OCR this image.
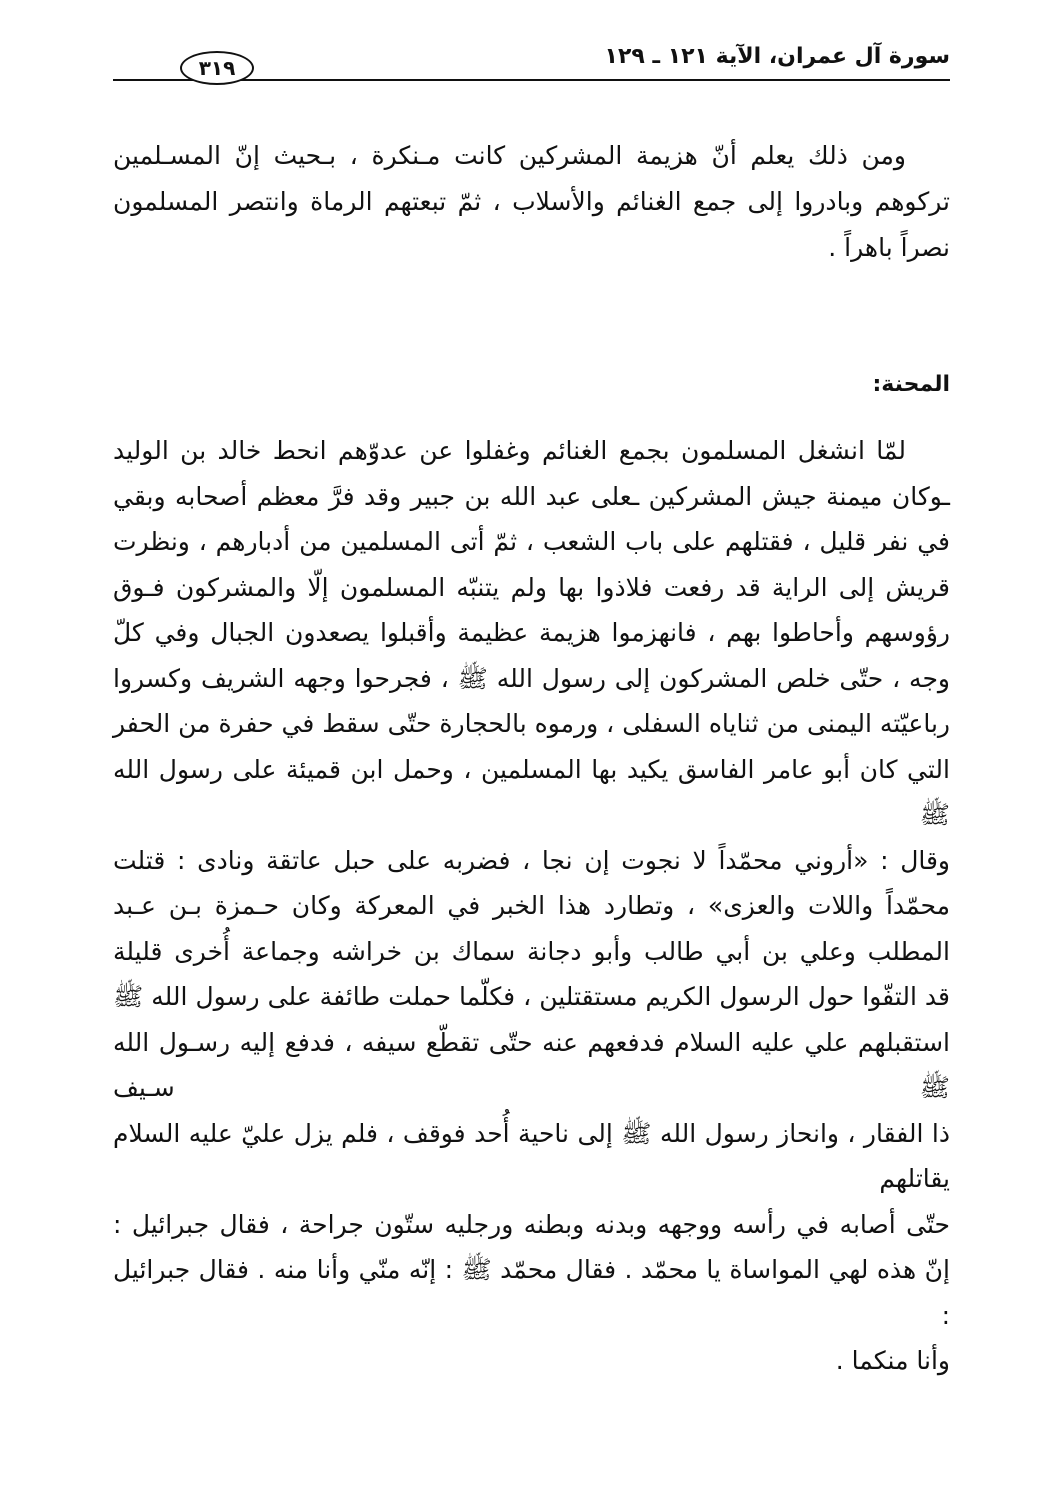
سورة آل عمران، الآية ١٢١ ـ ١٢٩
٣١٩
ومن ذلك يعلم أنّ هزيمة المشركين كانت مـنكرة ، بـحيث إنّ المسـلمين
تركوهم وبادروا إلى جمع الغنائم والأسلاب ، ثمّ تبعتهم الرماة وانتصر المسلمون
نصراً باهراً .
المحنة:
لمّا انشغل المسلمون بجمع الغنائم وغفلوا عن عدوّهم انحط خالد بن الوليد
ـوكان ميمنة جيش المشركين ـعلى عبد الله بن جبير وقد فرَّ معظم أصحابه وبقي
في نفر قليل ، فقتلهم على باب الشعب ، ثمّ أتى المسلمين من أدبارهم ، ونظرت
قريش إلى الراية قد رفعت فلاذوا بها ولم يتنبّه المسلمون إلّا والمشركون فـوق
رؤوسهم وأحاطوا بهم ، فانهزموا هزيمة عظيمة وأقبلوا يصعدون الجبال وفي كلّ
وجه ، حتّى خلص المشركون إلى رسول الله ﷺ ، فجرحوا وجهه الشريف وكسروا
رباعيّته اليمنى من ثناياه السفلى ، ورموه بالحجارة حتّى سقط في حفرة من الحفر
التي كان أبو عامر الفاسق يكيد بها المسلمين ، وحمل ابن قميئة على رسول الله ﷺ
وقال : «أروني محمّداً لا نجوت إن نجا ، فضربه على حبل عاتقة ونادى : قتلت
محمّداً واللات والعزى» ، وتطارد هذا الخبر في المعركة وكان حـمزة بـن عـبد
المطلب وعلي بن أبي طالب وأبو دجانة سماك بن خراشه وجماعة أُخرى قليلة
قد التفّوا حول الرسول الكريم مستقتلين ، فكلّما حملت طائفة على رسول الله ﷺ
استقبلهم علي عليه السلام فدفعهم عنه حتّى تقطّع سيفه ، فدفع إليه رسـول الله ﷺ سـيف
ذا الفقار ، وانحاز رسول الله ﷺ إلى ناحية أُحد فوقف ، فلم يزل عليّ عليه السلام يقاتلهم
حتّى أصابه في رأسه ووجهه وبدنه وبطنه ورجليه ستّون جراحة ، فقال جبرائيل :
إنّ هذه لهي المواساة يا محمّد . فقال محمّد ﷺ : إنّه منّي وأنا منه . فقال جبرائيل :
وأنا منكما .
